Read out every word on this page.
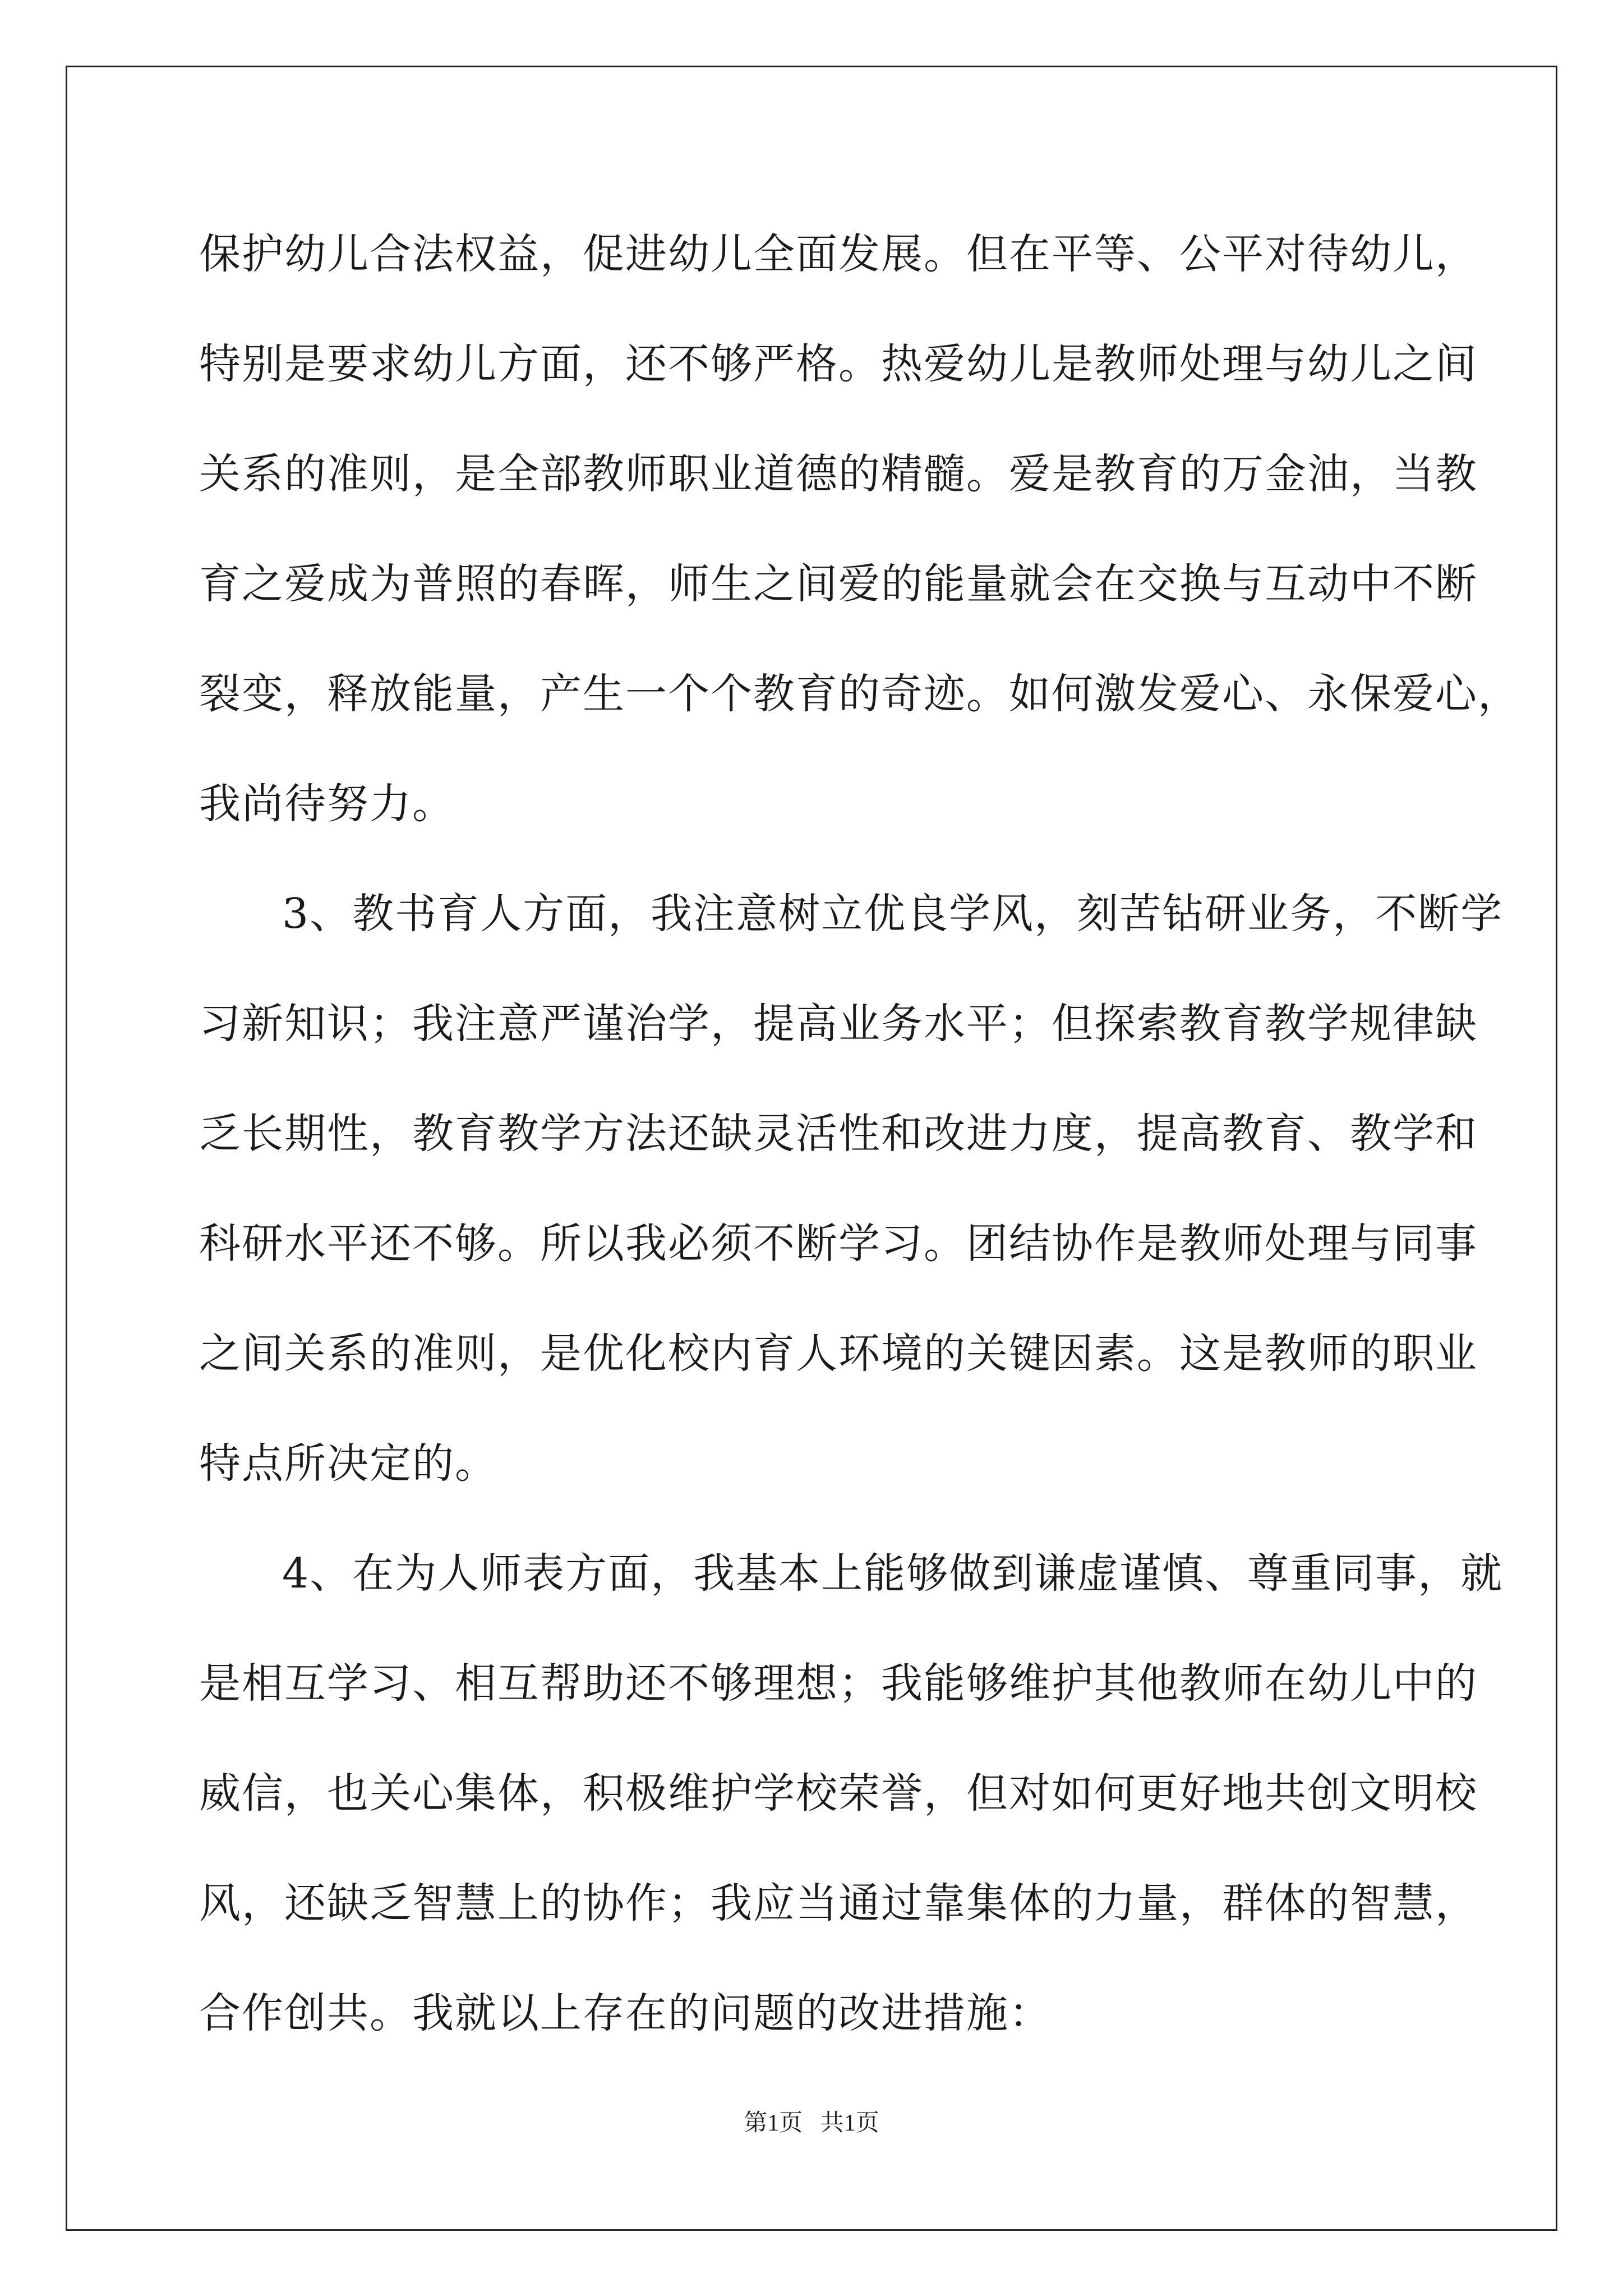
保护幼儿合法权益，促进幼儿全面发展。但在平等、公平对待幼儿，
特别是要求幼儿方面，还不够严格。热爱幼儿是教师处理与幼儿之间
关系的准则，是全部教师职业道德的精髓。爱是教育的万金油，当教
育之爱成为普照的春晖，师生之间爱的能量就会在交换与互动中不断
裂变，释放能量，产生一个个教育的奇迹。如何激发爱心、永保爱心，
我尚待努力。
3、教书育人方面，我注意树立优良学风，刻苦钻研业务，不断学
习新知识；我注意严谨治学，提高业务水平；但探索教育教学规律缺
乏长期性，教育教学方法还缺灵活性和改进力度，提高教育、教学和
科研水平还不够。所以我必须不断学习。团结协作是教师处理与同事
之间关系的准则，是优化校内育人环境的关键因素。这是教师的职业
特点所决定的。
4、在为人师表方面，我基本上能够做到谦虚谨慎、尊重同事，就
是相互学习、相互帮助还不够理想；我能够维护其他教师在幼儿中的
威信，也关心集体，积极维护学校荣誉，但对如何更好地共创文明校
风，还缺乏智慧上的协作；我应当通过靠集体的力量，群体的智慧，
合作创共。我就以上存在的问题的改进措施：
第1页 共1页
